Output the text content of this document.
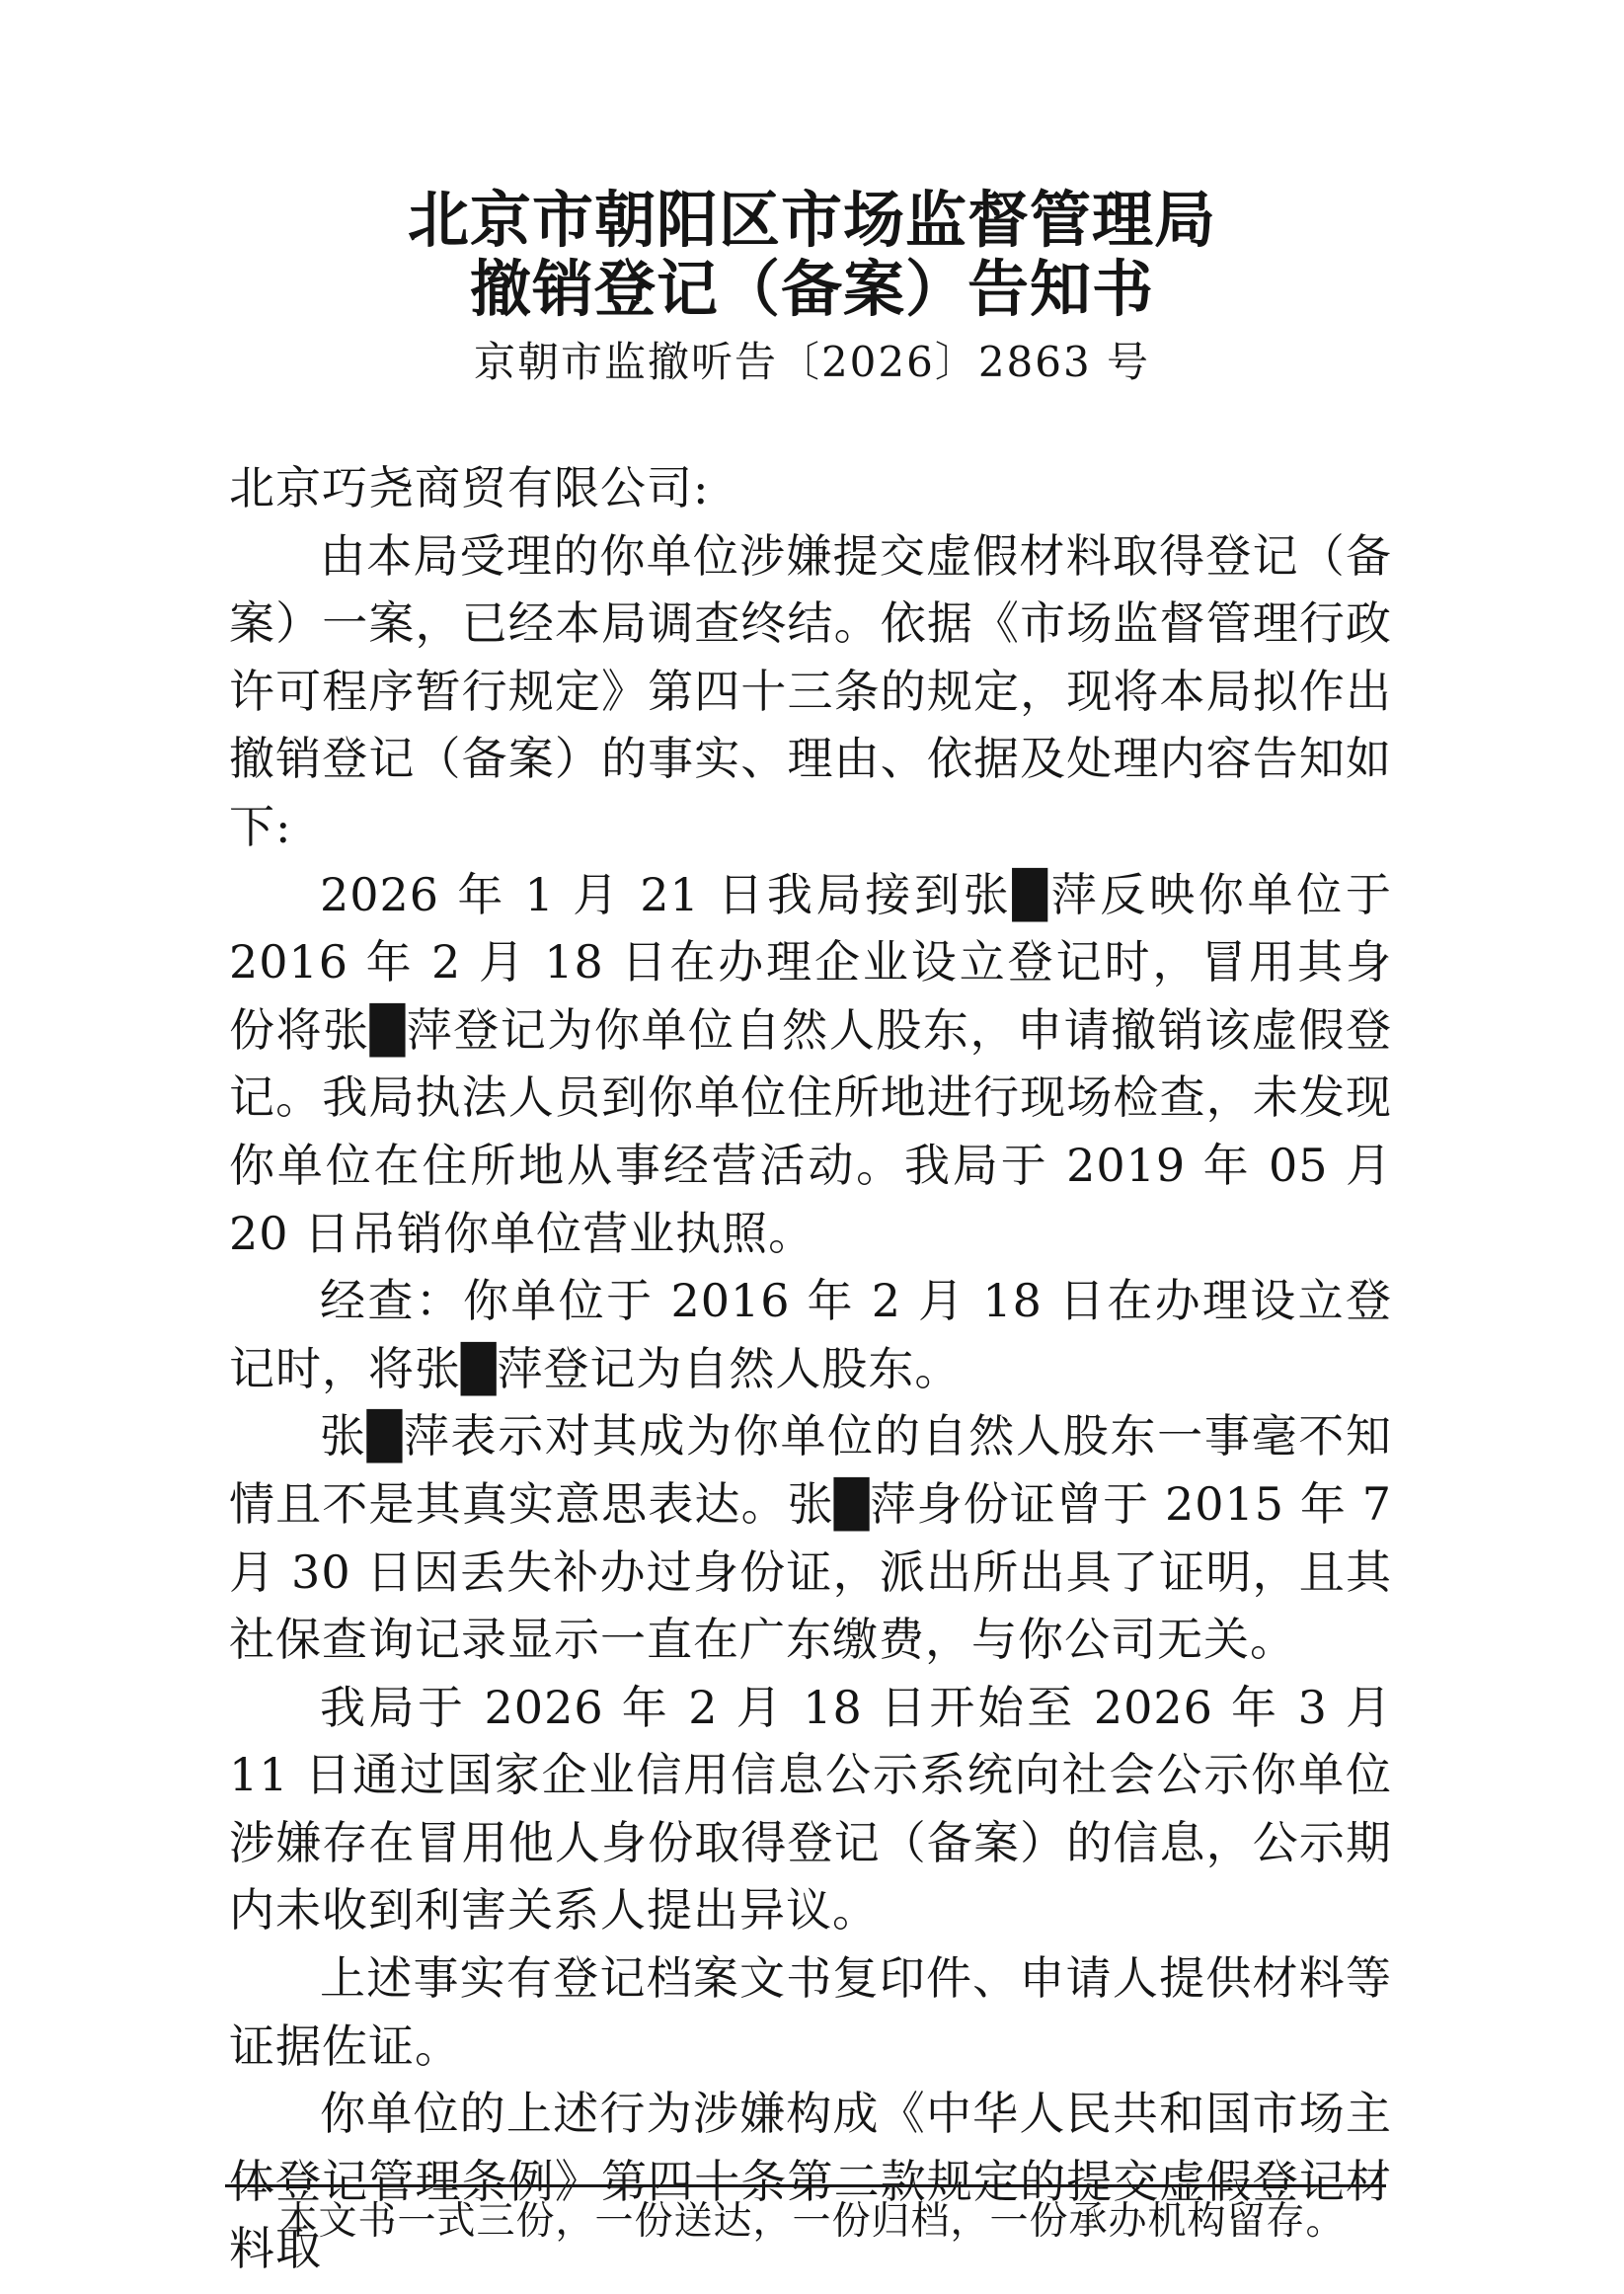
北京市朝阳区市场监督管理局
撤销登记（备案）告知书

京朝市监撤听告〔2026〕2863 号

北京巧尧商贸有限公司:

由本局受理的你单位涉嫌提交虚假材料取得登记（备案）一案，已经本局调查终结。依据《市场监督管理行政许可程序暂行规定》第四十三条的规定，现将本局拟作出撤销登记（备案）的事实、理由、依据及处理内容告知如下:

2026 年 1 月 21 日我局接到张█萍反映你单位于 2016 年 2 月 18 日在办理企业设立登记时，冒用其身份将张█萍登记为你单位自然人股东，申请撤销该虚假登记。我局执法人员到你单位住所地进行现场检查，未发现你单位在住所地从事经营活动。我局于 2019 年 05 月 20 日吊销你单位营业执照。

经查：你单位于 2016 年 2 月 18 日在办理设立登记时，将张█萍登记为自然人股东。

张█萍表示对其成为你单位的自然人股东一事毫不知情且不是其真实意思表达。张█萍身份证曾于 2015 年 7 月 30 日因丢失补办过身份证，派出所出具了证明，且其社保查询记录显示一直在广东缴费，与你公司无关。

我局于 2026 年 2 月 18 日开始至 2026 年 3 月 11 日通过国家企业信用信息公示系统向社会公示你单位涉嫌存在冒用他人身份取得登记（备案）的信息，公示期内未收到利害关系人提出异议。

上述事实有登记档案文书复印件、申请人提供材料等证据佐证。

你单位的上述行为涉嫌构成《中华人民共和国市场主体登记管理条例》第四十条第二款规定的提交虚假登记材料取

本文书一式三份，一份送达，一份归档，一份承办机构留存。
